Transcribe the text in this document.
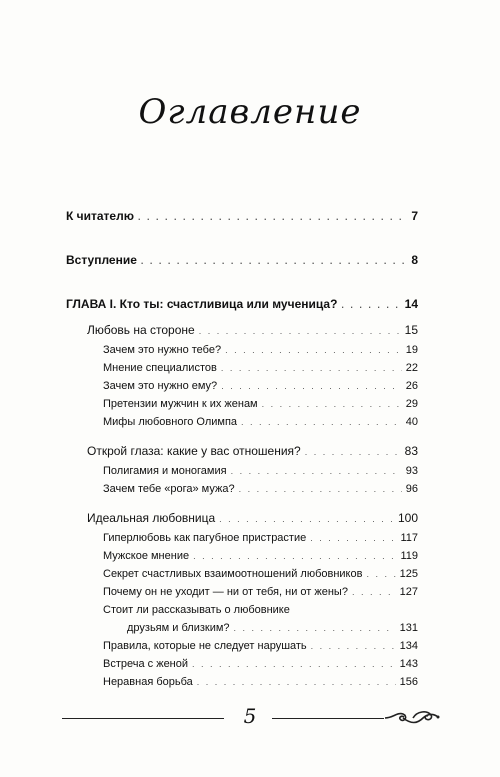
Оглавление
К читателю . . .	7
Вступление . . .	8
ГЛАВА I. Кто ты: счастливица или мученица? . . .	14
Любовь на стороне . . .	15
Зачем это нужно тебе? . . .	19
Мнение специалистов . . .	22
Зачем это нужно ему? . . .	26
Претензии мужчин к их женам . . .	29
Мифы любовного Олимпа . . .	40
Открой глаза: какие у вас отношения? . . .	83
Полигамия и моногамия . . .	93
Зачем тебе «рога» мужа? . . .	96
Идеальная любовница . . .	100
Гиперлюбовь как пагубное пристрастие . . .	117
Мужское мнение . . .	119
Секрет счастливых взаимоотношений любовников . . .	125
Почему он не уходит — ни от тебя, ни от жены? . . .	127
Стоит ли рассказывать о любовнике
друзьям и близким? . . .	131
Правила, которые не следует нарушать . . .	134
Встреча с женой . . .	143
Неравная борьба . . .	156
5
